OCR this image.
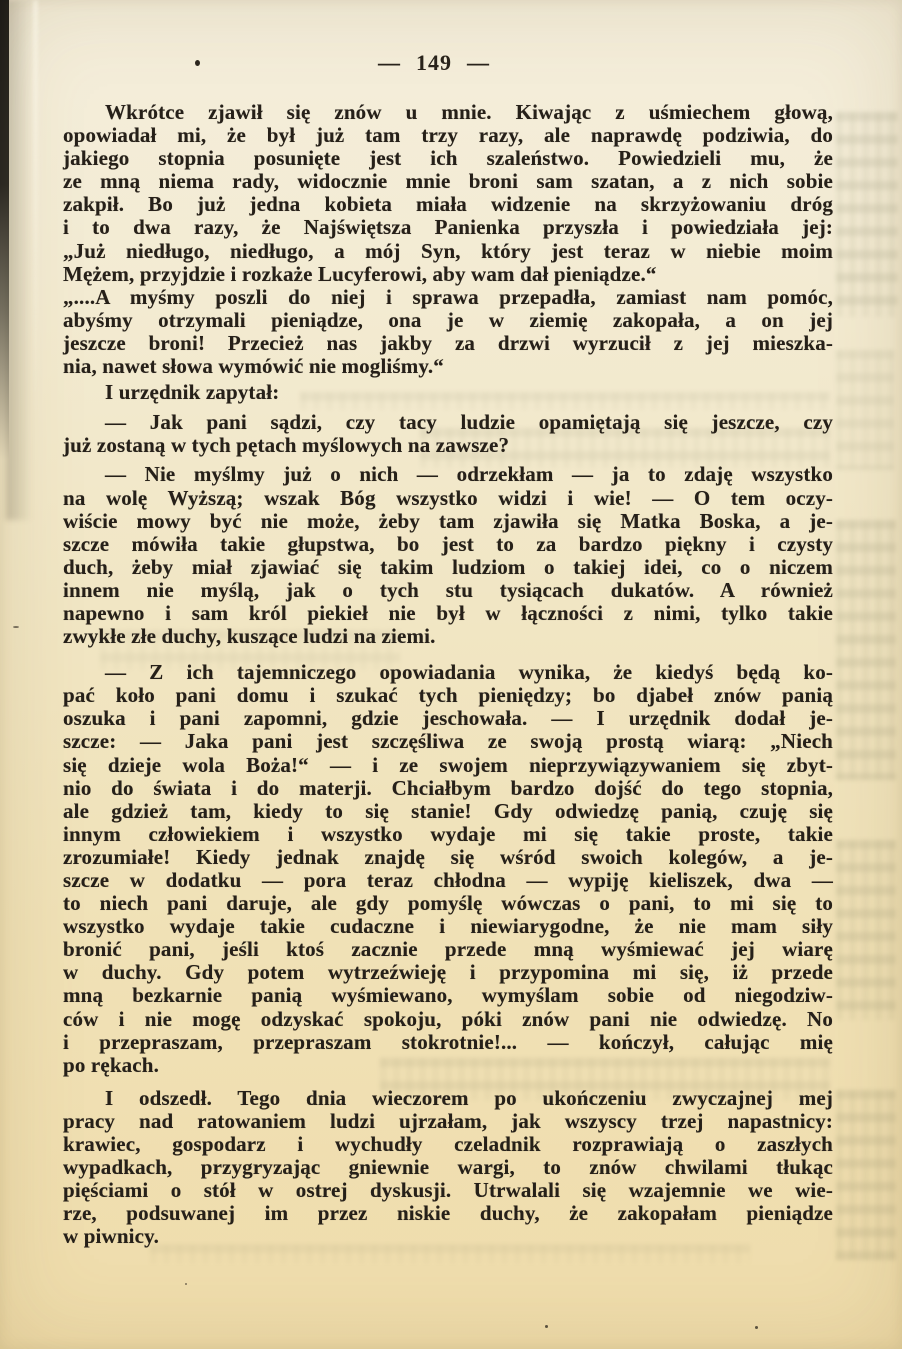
— 149 —
Wkrótce zjawił się znów u mnie. Kiwając z uśmiechem głową,
opowiadał mi, że był już tam trzy razy, ale naprawdę podziwia, do
jakiego stopnia posunięte jest ich szaleństwo. Powiedzieli mu, że
ze mną niema rady, widocznie mnie broni sam szatan, a z nich sobie
zakpił. Bo już jedna kobieta miała widzenie na skrzyżowaniu dróg
i to dwa razy, że Najświętsza Panienka przyszła i powiedziała jej:
„Już niedługo, niedługo, a mój Syn, który jest teraz w niebie moim
Mężem, przyjdzie i rozkaże Lucyferowi, aby wam dał pieniądze.“
„....A myśmy poszli do niej i sprawa przepadła, zamiast nam pomóc,
abyśmy otrzymali pieniądze, ona je w ziemię zakopała, a on jej
jeszcze broni! Przecież nas jakby za drzwi wyrzucił z jej mieszka-
nia, nawet słowa wymówić nie mogliśmy.“
I urzędnik zapytał:
— Jak pani sądzi, czy tacy ludzie opamiętają się jeszcze, czy
już zostaną w tych pętach myślowych na zawsze?
— Nie myślmy już o nich — odrzekłam — ja to zdaję wszystko
na wolę Wyższą; wszak Bóg wszystko widzi i wie! — O tem oczy-
wiście mowy być nie może, żeby tam zjawiła się Matka Boska, a je-
szcze mówiła takie głupstwa, bo jest to za bardzo piękny i czysty
duch, żeby miał zjawiać się takim ludziom o takiej idei, co o niczem
innem nie myślą, jak o tych stu tysiącach dukatów. A również
napewno i sam król piekieł nie był w łączności z nimi, tylko takie
zwykłe złe duchy, kuszące ludzi na ziemi.
— Z ich tajemniczego opowiadania wynika, że kiedyś będą ko-
pać koło pani domu i szukać tych pieniędzy; bo djabeł znów panią
oszuka i pani zapomni, gdzie jeschowała. — I urzędnik dodał je-
szcze: — Jaka pani jest szczęśliwa ze swoją prostą wiarą: „Niech
się dzieje wola Boża!“ — i ze swojem nieprzywiązywaniem się zbyt-
nio do świata i do materji. Chciałbym bardzo dojść do tego stopnia,
ale gdzież tam, kiedy to się stanie! Gdy odwiedzę panią, czuję się
innym człowiekiem i wszystko wydaje mi się takie proste, takie
zrozumiałe! Kiedy jednak znajdę się wśród swoich kolegów, a je-
szcze w dodatku — pora teraz chłodna — wypiję kieliszek, dwa —
to niech pani daruje, ale gdy pomyślę wówczas o pani, to mi się to
wszystko wydaje takie cudaczne i niewiarygodne, że nie mam siły
bronić pani, jeśli ktoś zacznie przede mną wyśmiewać jej wiarę
w duchy. Gdy potem wytrzeźwieję i przypomina mi się, iż przede
mną bezkarnie panią wyśmiewano, wymyślam sobie od niegodziw-
ców i nie mogę odzyskać spokoju, póki znów pani nie odwiedzę. No
i przepraszam, przepraszam stokrotnie!... — kończył, całując mię
po rękach.
I odszedł. Tego dnia wieczorem po ukończeniu zwyczajnej mej
pracy nad ratowaniem ludzi ujrzałam, jak wszyscy trzej napastnicy:
krawiec, gospodarz i wychudły czeladnik rozprawiają o zaszłych
wypadkach, przygryzając gniewnie wargi, to znów chwilami tłukąc
pięściami o stół w ostrej dyskusji. Utrwalali się wzajemnie we wie-
rze, podsuwanej im przez niskie duchy, że zakopałam pieniądze
w piwnicy.
